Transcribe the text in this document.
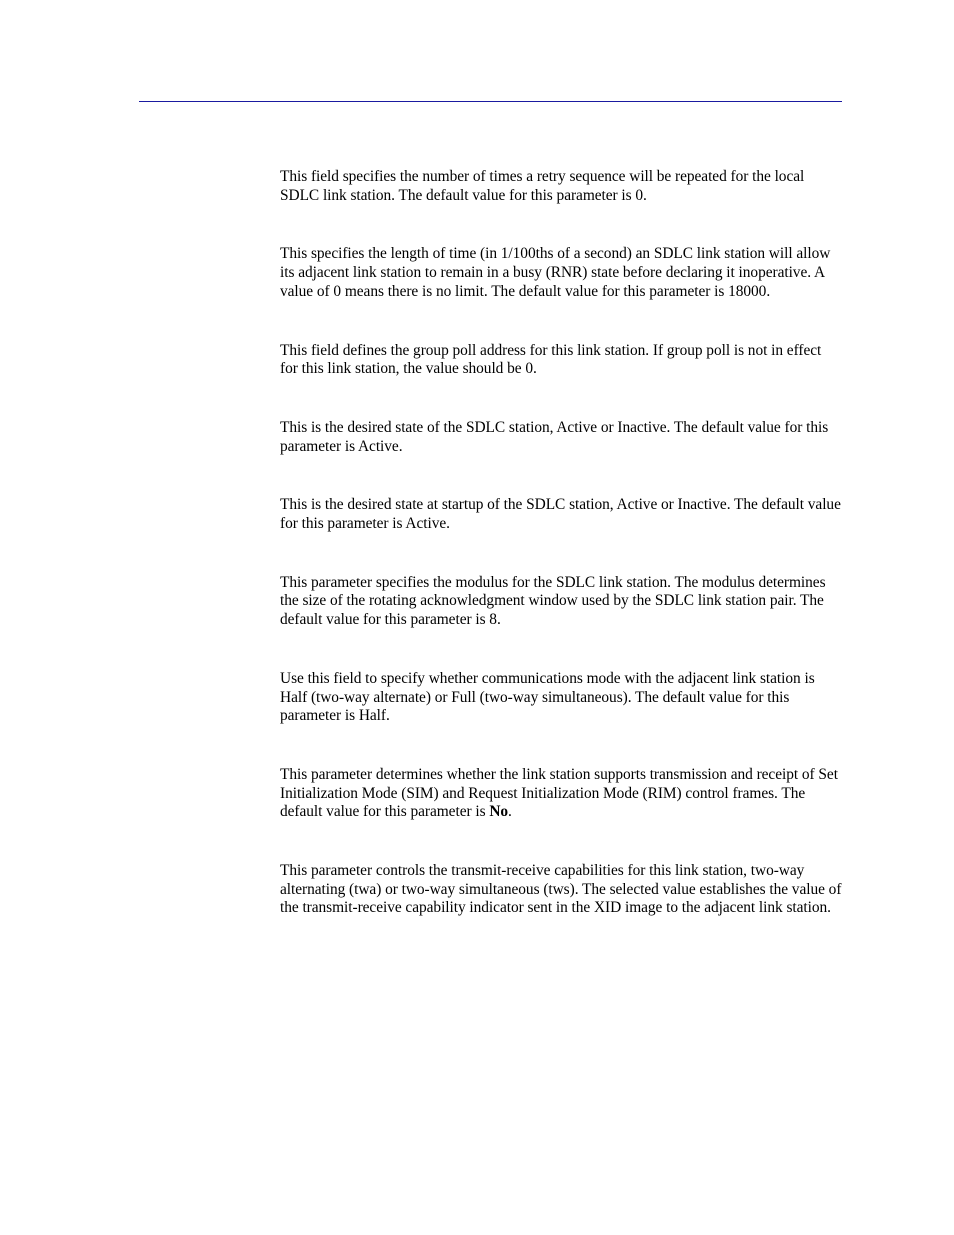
This field specifies the number of times a retry sequence will be repeated for the local SDLC link station. The default value for this parameter is 0.

This specifies the length of time (in 1/100ths of a second) an SDLC link station will allow its adjacent link station to remain in a busy (RNR) state before declaring it inoperative. A value of 0 means there is no limit. The default value for this parameter is 18000.

This field defines the group poll address for this link station. If group poll is not in effect for this link station, the value should be 0.

This is the desired state of the SDLC station, Active or Inactive. The default value for this parameter is Active.

This is the desired state at startup of the SDLC station, Active or Inactive. The default value for this parameter is Active.

This parameter specifies the modulus for the SDLC link station. The modulus determines the size of the rotating acknowledgment window used by the SDLC link station pair. The default value for this parameter is 8.

Use this field to specify whether communications mode with the adjacent link station is Half (two-way alternate) or Full (two-way simultaneous). The default value for this parameter is Half.

This parameter determines whether the link station supports transmission and receipt of Set Initialization Mode (SIM) and Request Initialization Mode (RIM) control frames. The default value for this parameter is No.

This parameter controls the transmit-receive capabilities for this link station, two-way alternating (twa) or two-way simultaneous (tws). The selected value establishes the value of the transmit-receive capability indicator sent in the XID image to the adjacent link station.
